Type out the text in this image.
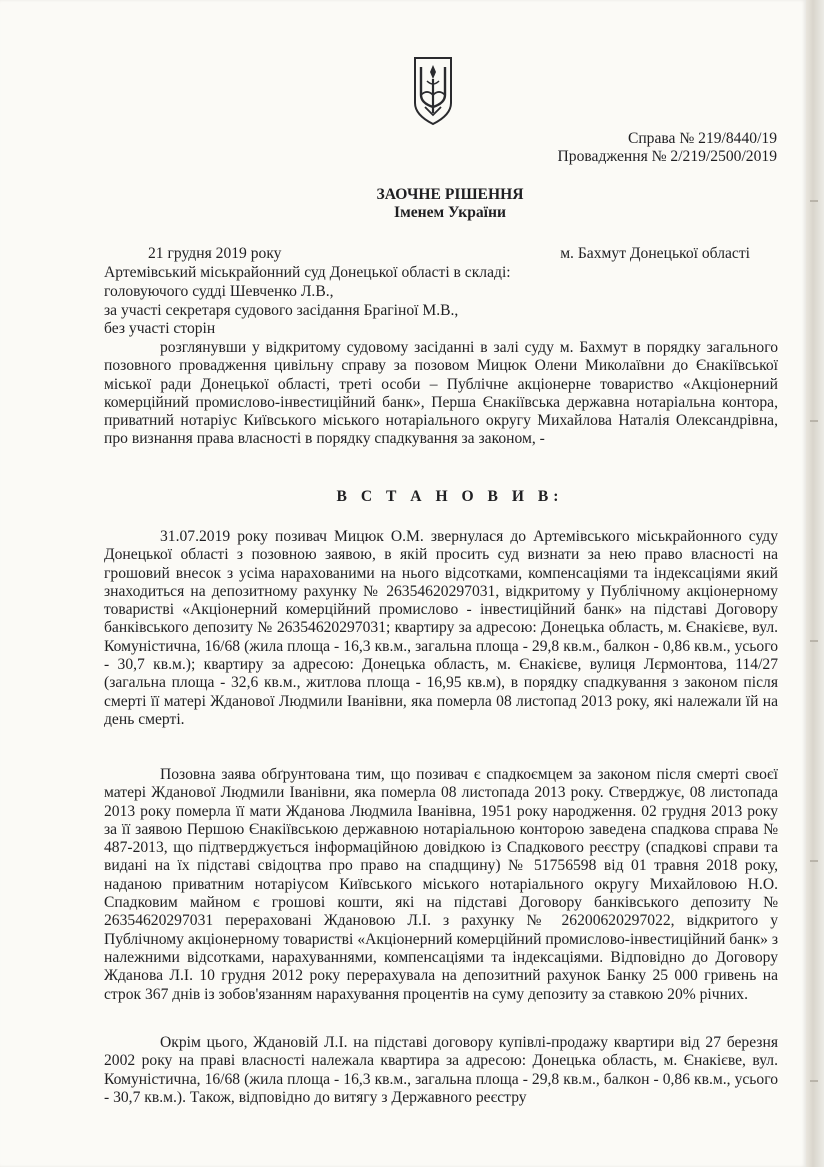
Справа № 219/8440/19
Провадження № 2/219/2500/2019
ЗАОЧНЕ РІШЕННЯ
Іменем України
21 грудня 2019 року	м. Бахмут Донецької області
Артемівський міськрайонний суд Донецької області в складі:
головуючого судді Шевченко Л.В.,
за участі секретаря судового засідання Брагіної М.В.,
без участі сторін
розглянувши у відкритому судовому засіданні в залі суду м. Бахмут в порядку загального позовного провадження цивільну справу за позовом Мицюк Олени Миколаївни до Єнакіївської міської ради Донецької області, треті особи – Публічне акціонерне товариство «Акціонерний комерційний промислово-інвестиційний банк», Перша Єнакіївська державна нотаріальна контора, приватний нотаріус Київського міського нотаріального округу Михайлова Наталія Олександрівна, про визнання права власності в порядку спадкування за законом, -
В С Т А Н О В И В:
31.07.2019 року позивач Мицюк О.М. звернулася до Артемівського міськрайонного суду Донецької області з позовною заявою, в якій просить суд визнати за нею право власності на грошовий внесок з усіма нарахованими на нього відсотками, компенсаціями та індексаціями який знаходиться на депозитному рахунку № 26354620297031, відкритому у Публічному акціонерному товаристві «Акціонерний комерційний промислово - інвестиційний банк» на підставі Договору банківського депозиту № 26354620297031; квартиру за адресою: Донецька область, м. Єнакієве, вул. Комуністична, 16/68 (жила площа - 16,3 кв.м., загальна площа - 29,8 кв.м., балкон - 0,86 кв.м., усього - 30,7 кв.м.); квартиру за адресою: Донецька область, м. Єнакієве, вулиця Лєрмонтова, 114/27 (загальна площа - 32,6 кв.м., житлова площа - 16,95 кв.м), в порядку спадкування з законом після смерті її матері Жданової Людмили Іванівни, яка померла 08 листопад 2013 року, які належали їй на день смерті.
Позовна заява обґрунтована тим, що позивач є спадкоємцем за законом після смерті своєї матері Жданової Людмили Іванівни, яка померла 08 листопада 2013 року. Стверджує, 08 листопада 2013 року померла її мати Жданова Людмила Іванівна, 1951 року народження. 02 грудня 2013 року за її заявою Першою Єнакіївською державною нотаріальною конторою заведена спадкова справа № 487-2013, що підтверджується інформаційною довідкою із Спадкового реєстру (спадкові справи та видані на їх підставі свідоцтва про право на спадщину) № 51756598 від 01 травня 2018 року, наданою приватним нотаріусом Київського міського нотаріального округу Михайловою Н.О. Спадковим майном є грошові кошти, які на підставі Договору банківського депозиту № 26354620297031 перераховані Ждановою Л.І. з рахунку № 26200620297022, відкритого у Публічному акціонерному товаристві «Акціонерний комерційний промислово-інвестиційний банк» з належними відсотками, нарахуваннями, компенсаціями та індексаціями. Відповідно до Договору Жданова Л.І. 10 грудня 2012 року перерахувала на депозитний рахунок Банку 25 000 гривень на строк 367 днів із зобов'язанням нарахування процентів на суму депозиту за ставкою 20% річних.
Окрім цього, Ждановій Л.І. на підставі договору купівлі-продажу квартири від 27 березня 2002 року на праві власності належала квартира за адресою: Донецька область, м. Єнакієве, вул. Комуністична, 16/68 (жила площа - 16,3 кв.м., загальна площа - 29,8 кв.м., балкон - 0,86 кв.м., усього - 30,7 кв.м.). Також, відповідно до витягу з Державного реєстру
